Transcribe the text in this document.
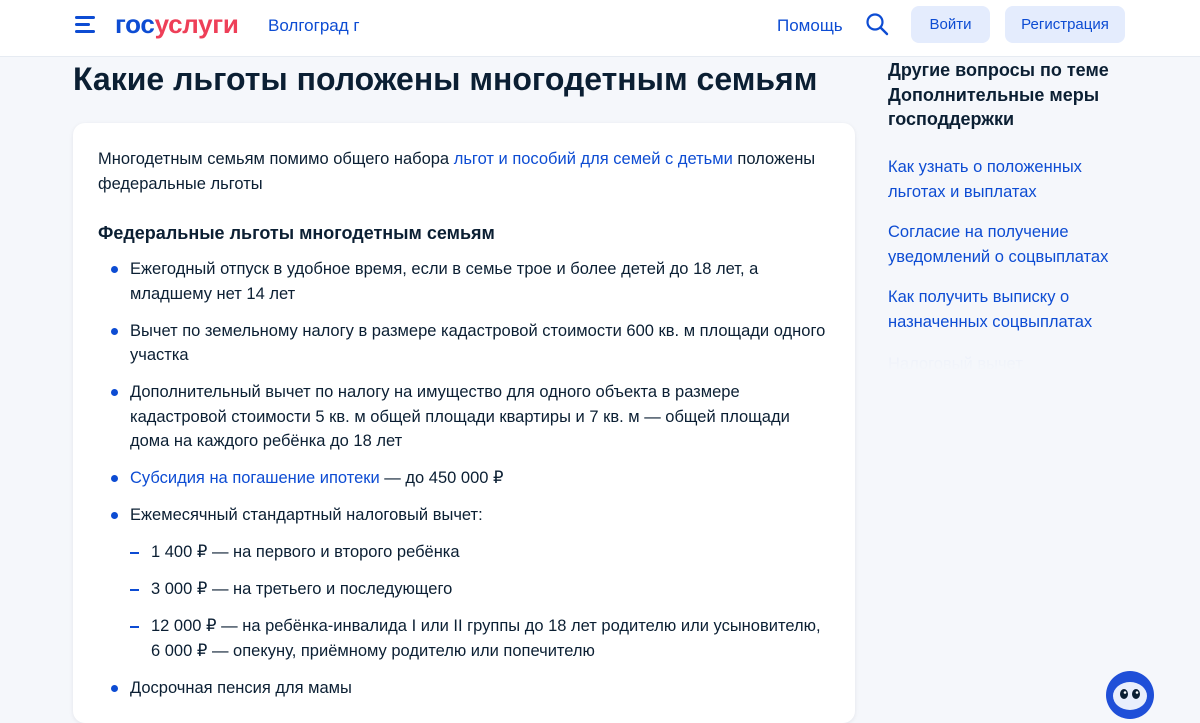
госуслуги Волгоград г	Помощь	Войти	Регистрация
Какие льготы положены многодетным семьям

Многодетным семьям помимо общего набора льгот и пособий для семей с детьми положены федеральные льготы

Федеральные льготы многодетным семьям
Ежегодный отпуск в удобное время, если в семье трое и более детей до 18 лет, а младшему нет 14 лет
Вычет по земельному налогу в размере кадастровой стоимости 600 кв. м площади одного участка
Дополнительный вычет по налогу на имущество для одного объекта в размере кадастровой стоимости 5 кв. м общей площади квартиры и 7 кв. м — общей площади дома на каждого ребёнка до 18 лет
Субсидия на погашение ипотеки — до 450 000 ₽
Ежемесячный стандартный налоговый вычет:
1 400 ₽ — на первого и второго ребёнка
3 000 ₽ — на третьего и последующего
12 000 ₽ — на ребёнка-инвалида I или II группы до 18 лет родителю или усыновителю, 6 000 ₽ — опекуну, приёмному родителю или попечителю
Досрочная пенсия для мамы
Другие вопросы по теме Дополнительные меры господдержки
Как узнать о положенных льготах и выплатах
Согласие на получение уведомлений о соцвыплатах
Как получить выписку о назначенных соцвыплатах
